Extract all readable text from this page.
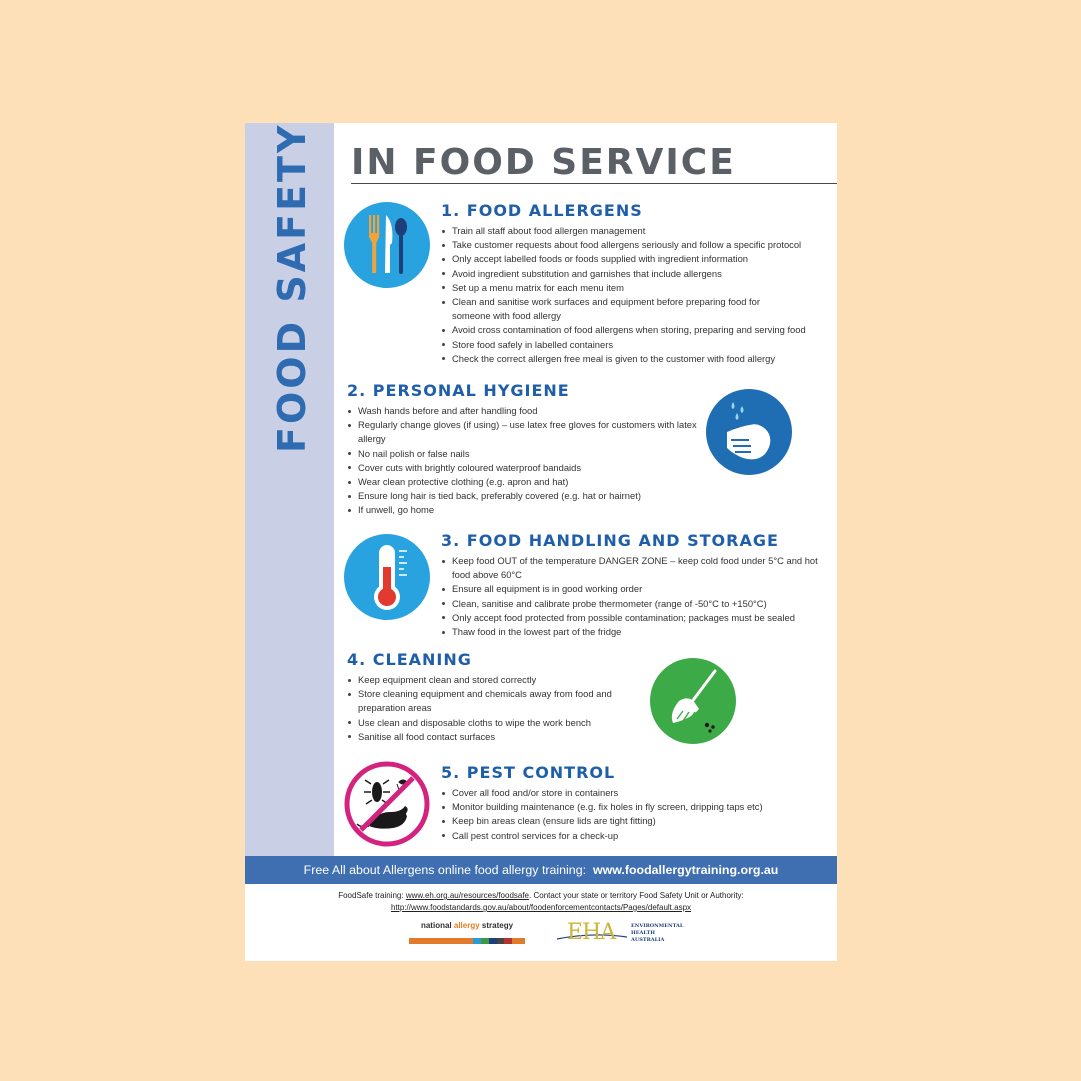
FOOD SAFETY IN FOOD SERVICE
1. FOOD ALLERGENS
Train all staff about food allergen management
Take customer requests about food allergens seriously and follow a specific protocol
Only accept labelled foods or foods supplied with ingredient information
Avoid ingredient substitution and garnishes that include allergens
Set up a menu matrix for each menu item
Clean and sanitise work surfaces and equipment before preparing food for someone with food allergy
Avoid cross contamination of food allergens when storing, preparing and serving food
Store food safely in labelled containers
Check the correct allergen free meal is given to the customer with food allergy
2. PERSONAL HYGIENE
Wash hands before and after handling food
Regularly change gloves (if using) – use latex free gloves for customers with latex allergy
No nail polish or false nails
Cover cuts with brightly coloured waterproof bandaids
Wear clean protective clothing (e.g. apron and hat)
Ensure long hair is tied back, preferably covered (e.g. hat or hairnet)
If unwell, go home
3. FOOD HANDLING AND STORAGE
Keep food OUT of the temperature DANGER ZONE – keep cold food under 5°C and hot food above 60°C
Ensure all equipment is in good working order
Clean, sanitise and calibrate probe thermometer (range of -50°C to +150°C)
Only accept food protected from possible contamination; packages must be sealed
Thaw food in the lowest part of the fridge
4. CLEANING
Keep equipment clean and stored correctly
Store cleaning equipment and chemicals away from food and preparation areas
Use clean and disposable cloths to wipe the work bench
Sanitise all food contact surfaces
5. PEST CONTROL
Cover all food and/or store in containers
Monitor building maintenance (e.g. fix holes in fly screen, dripping taps etc)
Keep bin areas clean (ensure lids are tight fitting)
Call pest control services for a check-up
Free All about Allergens online food allergy training: www.foodallergytraining.org.au
FoodSafe training: www.eh.org.au/resources/foodsafe. Contact your state or territory Food Safety Unit or Authority:
http://www.foodstandards.gov.au/about/foodenforcementcontacts/Pages/default.aspx
national allergy strategy	EHA	ENVIRONMENTAL
HEALTH
AUSTRALIA
